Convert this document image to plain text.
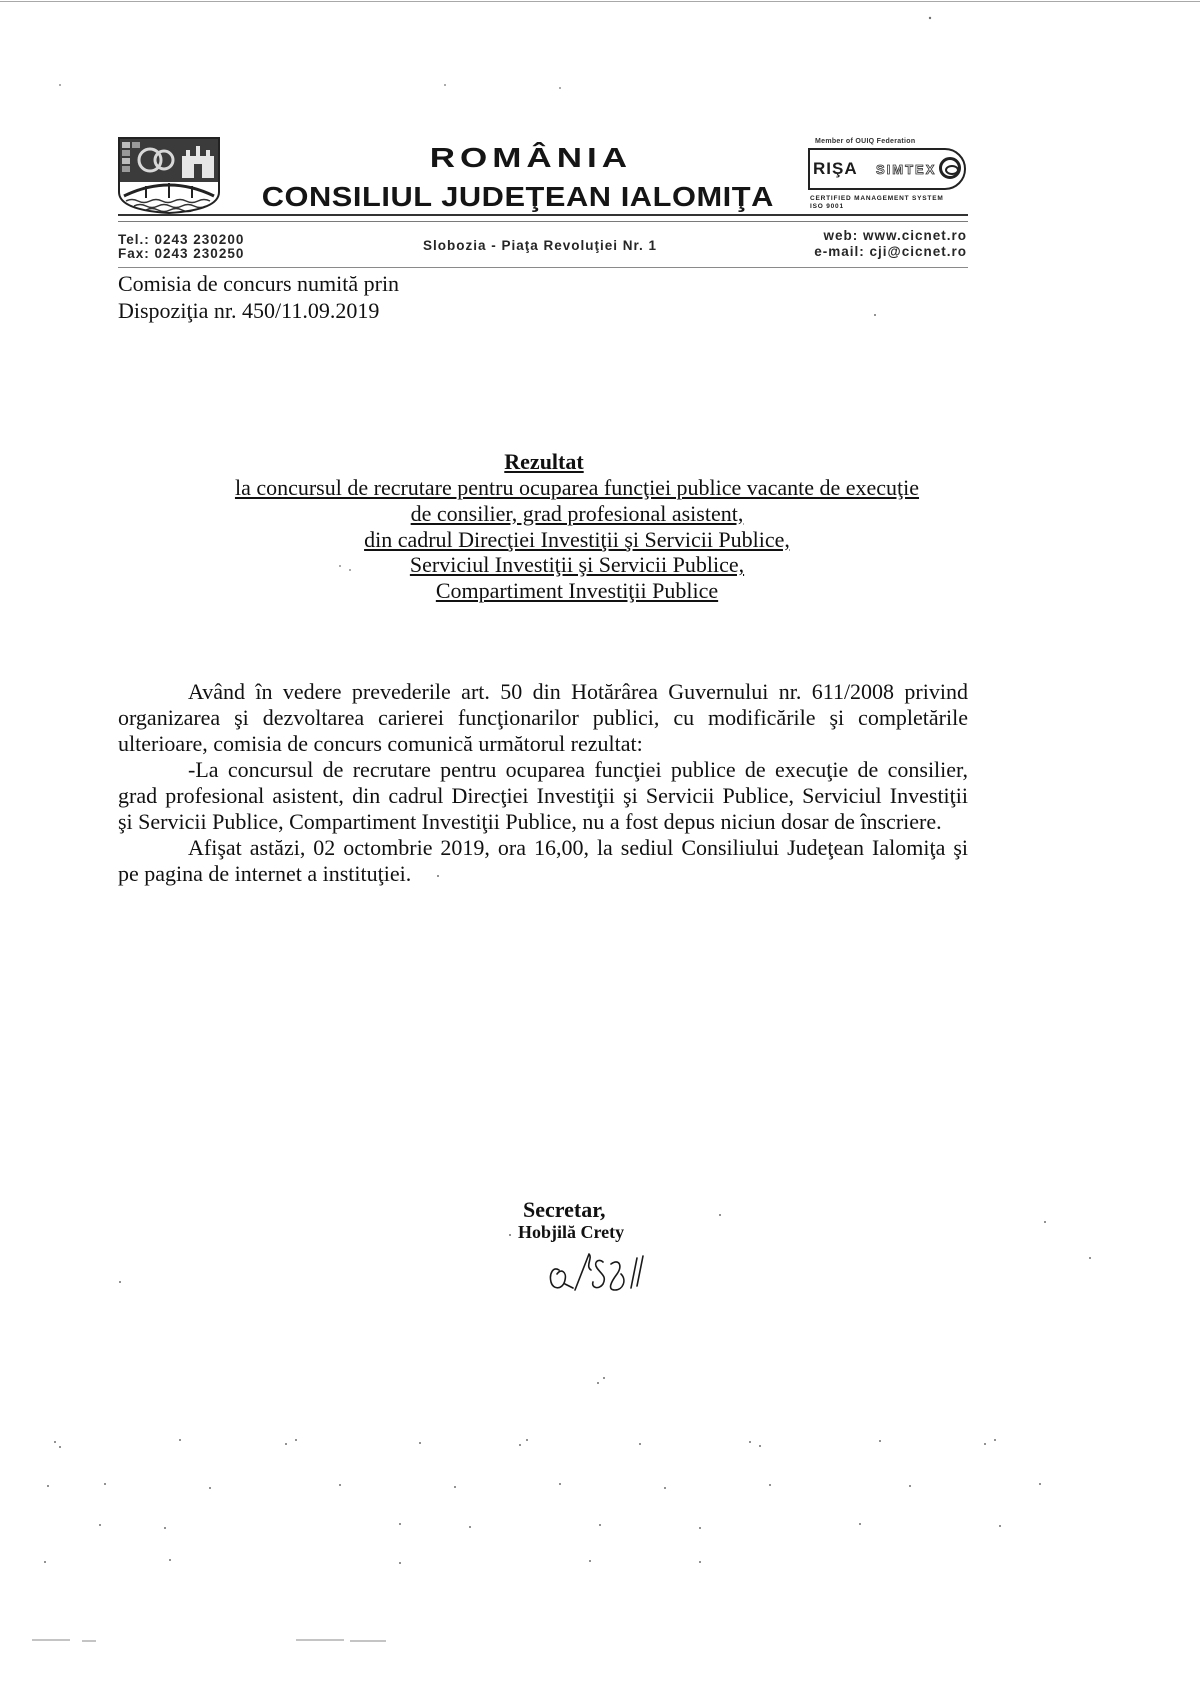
ROMÂNIA
CONSILIUL JUDEŢEAN IALOMIŢA
Member of OUIQ Federation
RIŞA SIMTEX
CERTIFIED MANAGEMENT SYSTEM
ISO 9001
Tel.: 0243 230200
Fax: 0243 230250
Slobozia - Piaţa Revoluţiei Nr. 1
web: www.cicnet.ro
e-mail: cji@cicnet.ro
Comisia de concurs numită prin
Dispoziţia nr. 450/11.09.2019
Rezultat
la concursul de recrutare pentru ocuparea funcţiei publice vacante de execuţie
de consilier, grad profesional asistent,
din cadrul Direcţiei Investiţii şi Servicii Publice,
Serviciul Investiţii şi Servicii Publice,
Compartiment Investiţii Publice
Având în vedere prevederile art. 50 din Hotărârea Guvernului nr. 611/2008 privind
organizarea şi dezvoltarea carierei funcţionarilor publici, cu modificările şi completările
ulterioare, comisia de concurs comunică următorul rezultat:
-La concursul de recrutare pentru ocuparea funcţiei publice de execuţie de consilier,
grad profesional asistent, din cadrul Direcţiei Investiţii şi Servicii Publice, Serviciul Investiţii
şi Servicii Publice, Compartiment Investiţii Publice, nu a fost depus niciun dosar de înscriere.
Afişat astăzi, 02 octombrie 2019, ora 16,00, la sediul Consiliului Judeţean Ialomiţa şi
pe pagina de internet a instituţiei.
Secretar,
Hobjilă Crety
